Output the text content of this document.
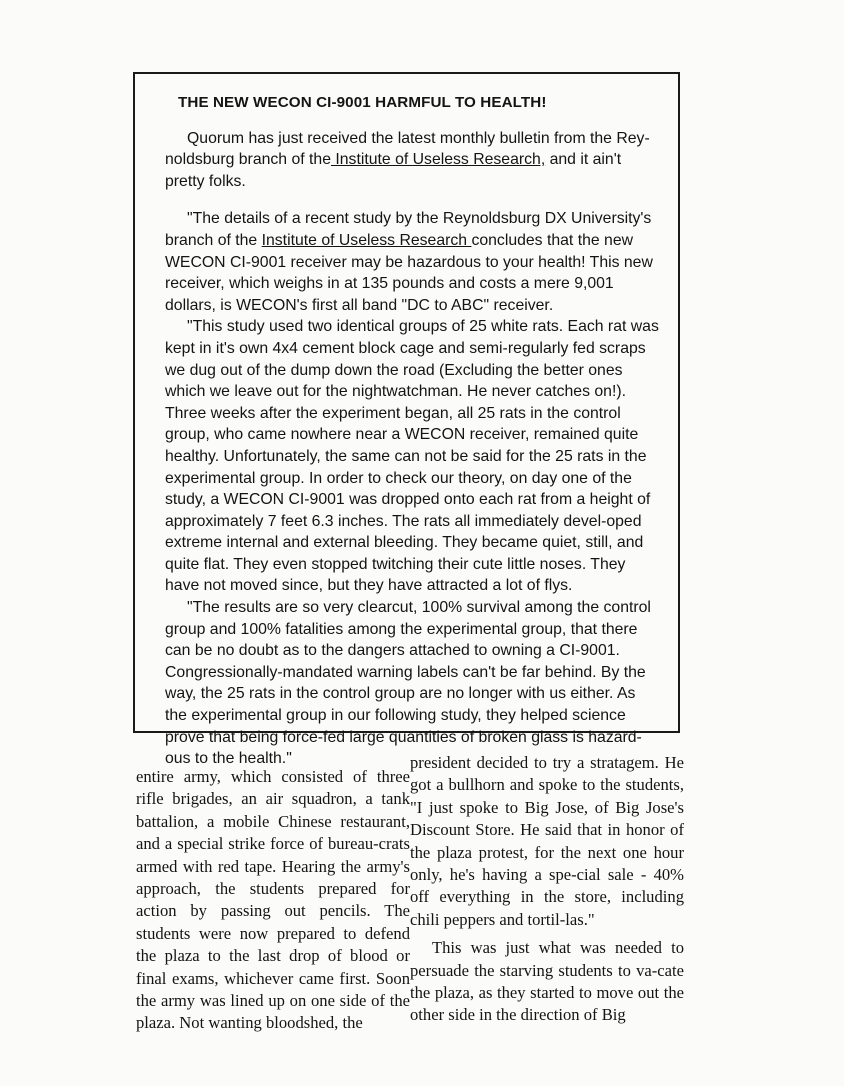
THE NEW WECON CI-9001 HARMFUL TO HEALTH!

Quorum has just received the latest monthly bulletin from the Rey-noldsburg branch of the Institute of Useless Research, and it ain't pretty folks.

"The details of a recent study by the Reynoldsburg DX University's branch of the Institute of Useless Research concludes that the new WECON CI-9001 receiver may be hazardous to your health! This new receiver, which weighs in at 135 pounds and costs a mere 9,001 dollars, is WECON's first all band "DC to ABC" receiver.

"This study used two identical groups of 25 white rats. Each rat was kept in it's own 4x4 cement block cage and semi-regularly fed scraps we dug out of the dump down the road (Excluding the better ones which we leave out for the nightwatchman. He never catches on!). Three weeks after the experiment began, all 25 rats in the control group, who came nowhere near a WECON receiver, remained quite healthy. Unfortunately, the same can not be said for the 25 rats in the experimental group. In order to check our theory, on day one of the study, a WECON CI-9001 was dropped onto each rat from a height of approximately 7 feet 6.3 inches. The rats all immediately devel-oped extreme internal and external bleeding. They became quiet, still, and quite flat. They even stopped twitching their cute little noses. They have not moved since, but they have attracted a lot of flys.

"The results are so very clearcut, 100% survival among the control group and 100% fatalities among the experimental group, that there can be no doubt as to the dangers attached to owning a CI-9001. Congressionally-mandated warning labels can't be far behind. By the way, the 25 rats in the control group are no longer with us either. As the experimental group in our following study, they helped science prove that being force-fed large quantities of broken glass is hazard-ous to the health."

entire army, which consisted of three rifle brigades, an air squadron, a tank battalion, a mobile Chinese restaurant, and a special strike force of bureau-crats armed with red tape. Hearing the army's approach, the students prepared for action by passing out pencils. The students were now prepared to defend the plaza to the last drop of blood or final exams, whichever came first. Soon the army was lined up on one side of the plaza. Not wanting bloodshed, the

president decided to try a stratagem. He got a bullhorn and spoke to the students, "I just spoke to Big Jose, of Big Jose's Discount Store. He said that in honor of the plaza protest, for the next one hour only, he's having a spe-cial sale - 40% off everything in the store, including chili peppers and tortil-las."

This was just what was needed to persuade the starving students to va-cate the plaza, as they started to move out the other side in the direction of Big
